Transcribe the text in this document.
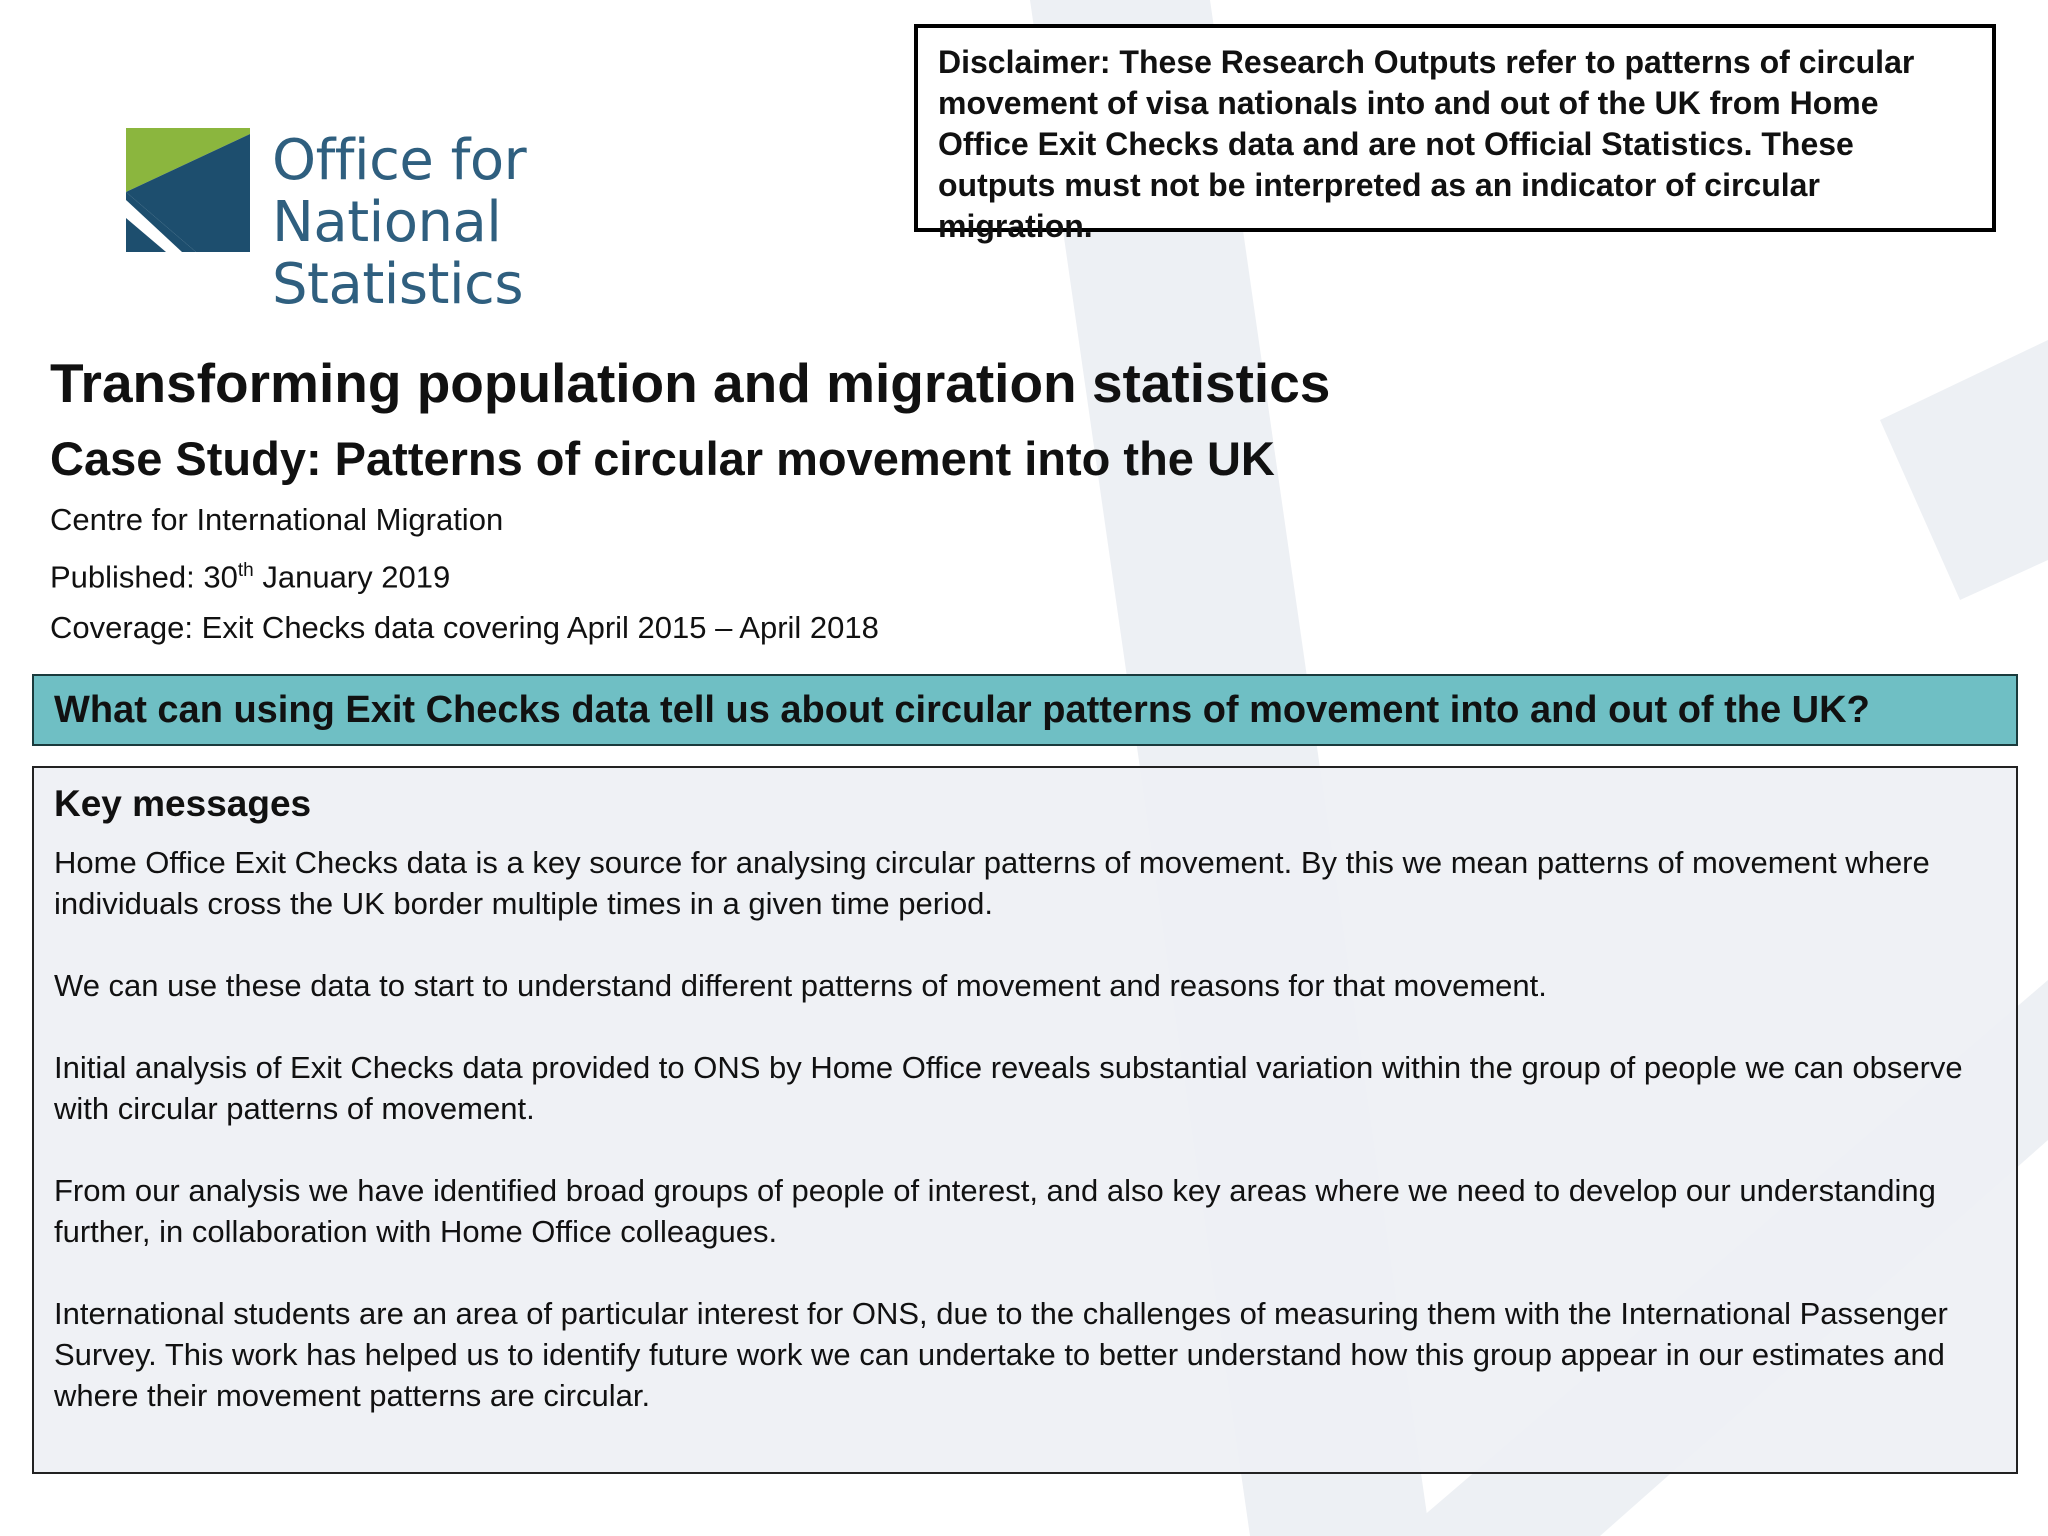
Office for
National Statistics
Disclaimer: These Research Outputs refer to patterns of circular movement of visa nationals into and out of the UK from Home Office Exit Checks data and are not Official Statistics. These outputs must not be interpreted as an indicator of circular migration.
Transforming population and migration statistics
Case Study: Patterns of circular movement into the UK

Centre for International Migration

Published: 30th January 2019

Coverage: Exit Checks data covering April 2015 – April 2018

What can using Exit Checks data tell us about circular patterns of movement into and out of the UK?

Key messages

Home Office Exit Checks data is a key source for analysing circular patterns of movement. By this we mean patterns of movement where individuals cross the UK border multiple times in a given time period.

We can use these data to start to understand different patterns of movement and reasons for that movement.

Initial analysis of Exit Checks data provided to ONS by Home Office reveals substantial variation within the group of people we can observe with circular patterns of movement.

From our analysis we have identified broad groups of people of interest, and also key areas where we need to develop our understanding further, in collaboration with Home Office colleagues.

International students are an area of particular interest for ONS, due to the challenges of measuring them with the International Passenger Survey. This work has helped us to identify future work we can undertake to better understand how this group appear in our estimates and where their movement patterns are circular.
